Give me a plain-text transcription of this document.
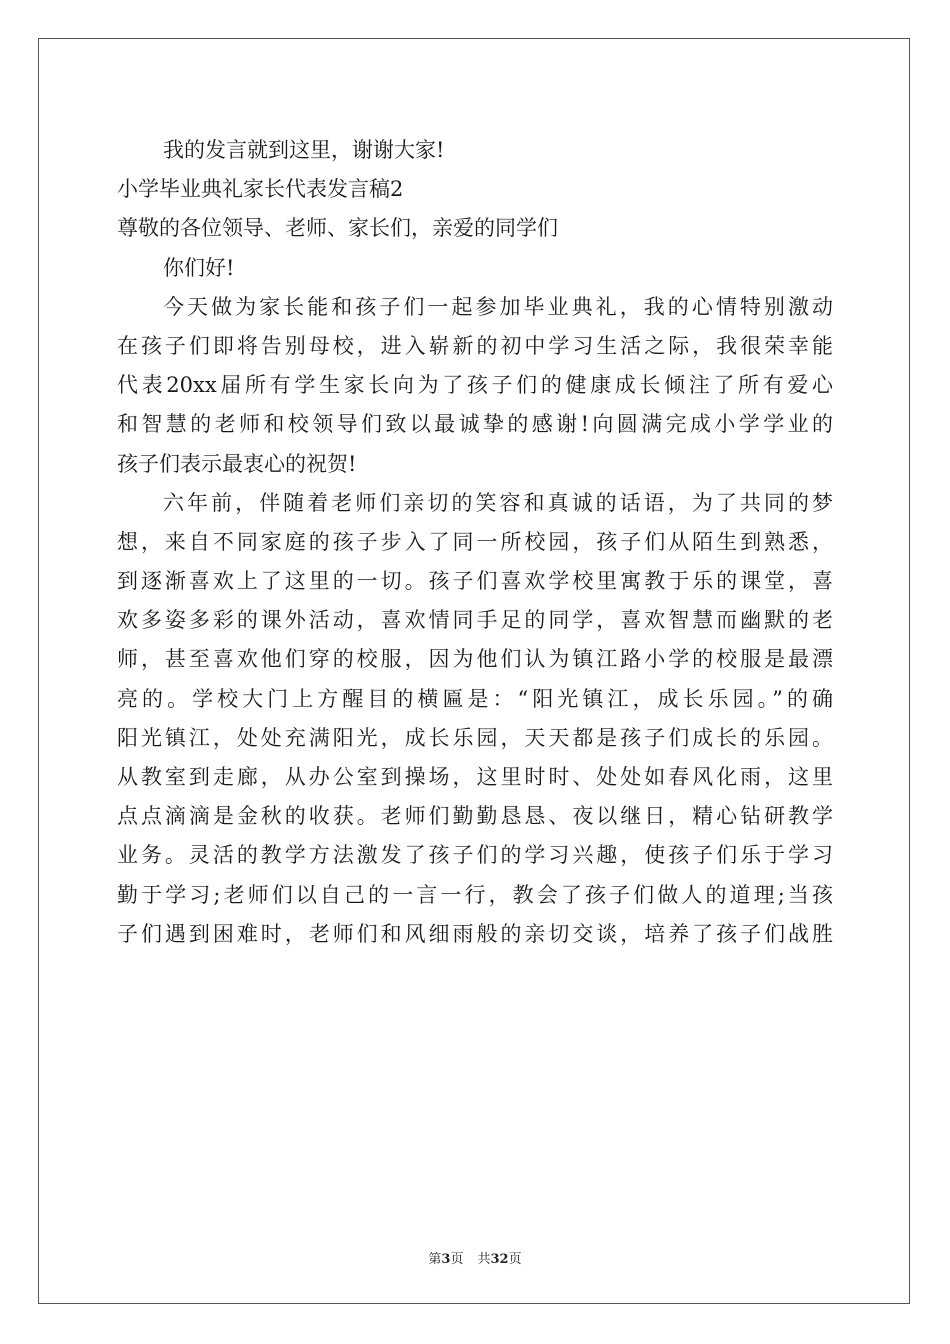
我的发言就到这里，谢谢大家!
小学毕业典礼家长代表发言稿2
尊敬的各位领导、老师、家长们，亲爱的同学们
你们好!
今天做为家长能和孩子们一起参加毕业典礼，我的心情特别激动
在孩子们即将告别母校，进入崭新的初中学习生活之际，我很荣幸能
代表20xx届所有学生家长向为了孩子们的健康成长倾注了所有爱心
和智慧的老师和校领导们致以最诚挚的感谢!向圆满完成小学学业的
孩子们表示最衷心的祝贺!
六年前，伴随着老师们亲切的笑容和真诚的话语，为了共同的梦
想，来自不同家庭的孩子步入了同一所校园，孩子们从陌生到熟悉，
到逐渐喜欢上了这里的一切。孩子们喜欢学校里寓教于乐的课堂，喜
欢多姿多彩的课外活动，喜欢情同手足的同学，喜欢智慧而幽默的老
师，甚至喜欢他们穿的校服，因为他们认为镇江路小学的校服是最漂
亮的。学校大门上方醒目的横匾是：“阳光镇江，成长乐园。”的确
阳光镇江，处处充满阳光，成长乐园，天天都是孩子们成长的乐园。
从教室到走廊，从办公室到操场，这里时时、处处如春风化雨，这里
点点滴滴是金秋的收获。老师们勤勤恳恳、夜以继日，精心钻研教学
业务。灵活的教学方法激发了孩子们的学习兴趣，使孩子们乐于学习
勤于学习;老师们以自己的一言一行，教会了孩子们做人的道理;当孩
子们遇到困难时，老师们和风细雨般的亲切交谈，培养了孩子们战胜
第3页 共32页
